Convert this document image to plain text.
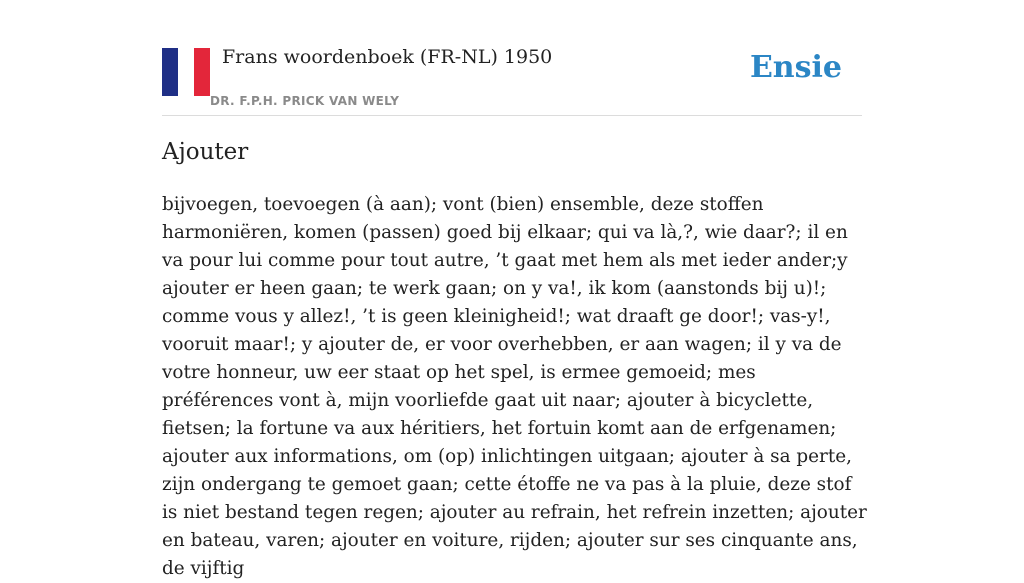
Frans woordenboek (FR-NL) 1950
DR. F.P.H. PRICK VAN WELY
Ensie
Ajouter

bijvoegen, toevoegen (à aan); vont (bien) ensemble, deze stoffen harmoniëren, komen (passen) goed bij elkaar; qui va là,?, wie daar?; il en va pour lui comme pour tout autre, ’t gaat met hem als met ieder ander;y ajouter er heen gaan; te werk gaan; on y va!, ik kom (aanstonds bij u)!; comme vous y allez!, ’t is geen kleinigheid!; wat draaft ge door!; vas-y!, vooruit maar!; y ajouter de, er voor overhebben, er aan wagen; il y va de votre honneur, uw eer staat op het spel, is ermee gemoeid; mes préférences vont à, mijn voorliefde gaat uit naar; ajouter à bicyclette, fietsen; la fortune va aux héritiers, het fortuin komt aan de erfgenamen; ajouter aux informations, om (op) inlichtingen uitgaan; ajouter à sa perte, zijn ondergang te gemoet gaan; cette étoffe ne va pas à la pluie, deze stof is niet bestand tegen regen; ajouter au refrain, het refrein inzetten; ajouter en bateau, varen; ajouter en voiture, rijden; ajouter sur ses cinquante ans, de vijftig
